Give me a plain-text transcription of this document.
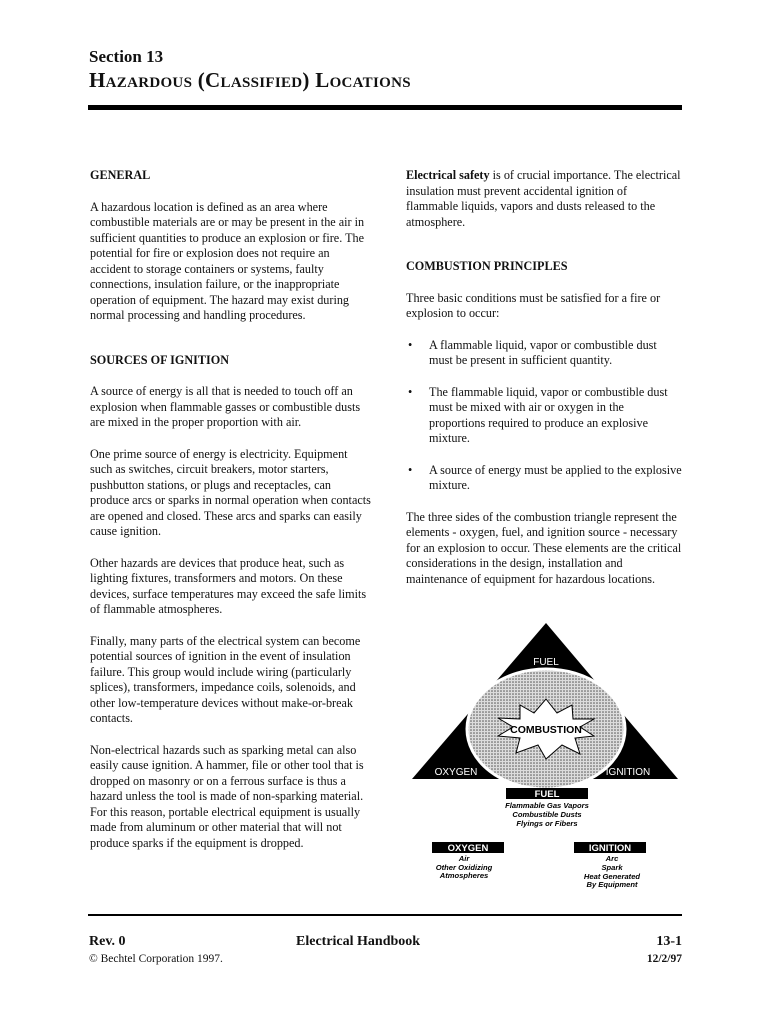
Section 13
Hazardous (Classified) Locations
GENERAL

A hazardous location is defined as an area where combustible materials are or may be present in the air in sufficient quantities to produce an explosion or fire. The potential for fire or explosion does not require an accident to storage containers or systems, faulty connections, insulation failure, or the inappropriate operation of equipment. The hazard may exist during normal processing and handling procedures.

SOURCES OF IGNITION

A source of energy is all that is needed to touch off an explosion when flammable gasses or combustible dusts are mixed in the proper proportion with air.

One prime source of energy is electricity. Equipment such as switches, circuit breakers, motor starters, pushbutton stations, or plugs and receptacles, can produce arcs or sparks in normal operation when contacts are opened and closed. These arcs and sparks can easily cause ignition.

Other hazards are devices that produce heat, such as lighting fixtures, transformers and motors. On these devices, surface temperatures may exceed the safe limits of flammable atmospheres.

Finally, many parts of the electrical system can become potential sources of ignition in the event of insulation failure. This group would include wiring (particularly splices), transformers, impedance coils, solenoids, and other low-temperature devices without make-or-break contacts.

Non-electrical hazards such as sparking metal can also easily cause ignition. A hammer, file or other tool that is dropped on masonry or on a ferrous surface is thus a hazard unless the tool is made of non-sparking material. For this reason, portable electrical equipment is usually made from aluminum or other material that will not produce sparks if the equipment is dropped.

Electrical safety is of crucial importance. The electrical insulation must prevent accidental ignition of flammable liquids, vapors and dusts released to the atmosphere.

COMBUSTION PRINCIPLES

Three basic conditions must be satisfied for a fire or explosion to occur:

• A flammable liquid, vapor or combustible dust must be present in sufficient quantity.
• The flammable liquid, vapor or combustible dust must be mixed with air or oxygen in the proportions required to produce an explosive mixture.
• A source of energy must be applied to the explosive mixture.

The three sides of the combustion triangle represent the elements - oxygen, fuel, and ignition source - necessary for an explosion to occur. These elements are the critical considerations in the design, installation and maintenance of equipment for hazardous locations.

COMBUSTION
FUEL
OXYGEN	IGNITION
FUEL
Flammable Gas Vapors
Combustible Dusts
Flyings or Fibers
OXYGEN
Air
Other Oxidizing
Atmospheres
IGNITION
Arc
Spark
Heat Generated
By Equipment
Rev. 0	Electrical Handbook	13-1
© Bechtel Corporation 1997.	12/2/97
